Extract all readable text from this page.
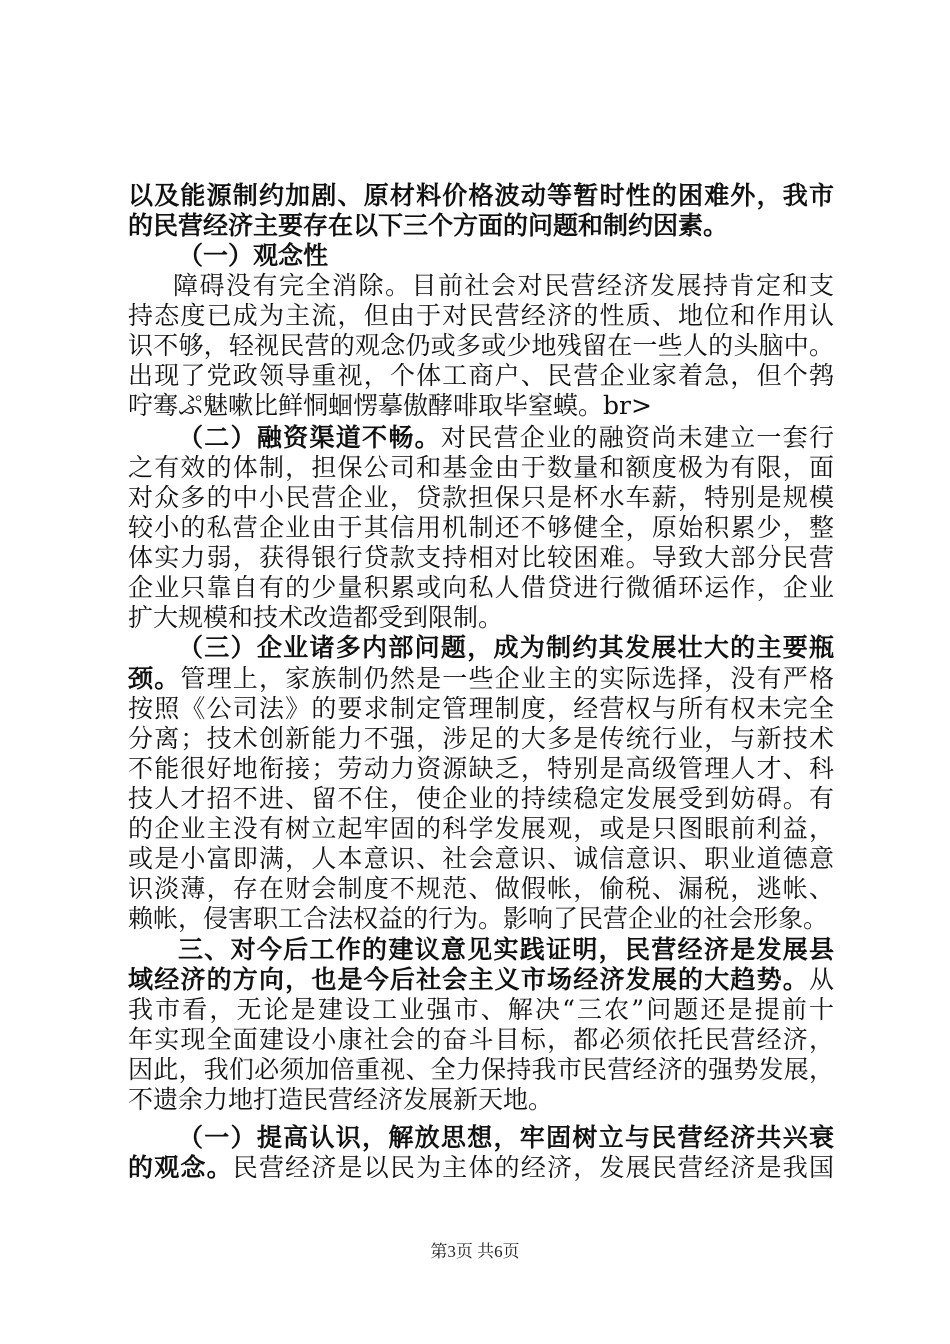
以及能源制约加剧、原材料价格波动等暂时性的困难外，我市
的民营经济主要存在以下三个方面的问题和制约因素。
（一）观念性
障碍没有完全消除。目前社会对民营经济发展持肯定和支
持态度已成为主流，但由于对民营经济的性质、地位和作用认
识不够，轻视民营的观念仍或多或少地残留在一些人的头脑中。
出现了党政领导重视，个体工商户、民营企业家着急，但个鹁
咛骞ぷ魅嗽比鲜恫蛔愣摹傲酵啡取毕窒蟆。br>
（二）融资渠道不畅。对民营企业的融资尚未建立一套行
之有效的体制，担保公司和基金由于数量和额度极为有限，面
对众多的中小民营企业，贷款担保只是杯水车薪，特别是规模
较小的私营企业由于其信用机制还不够健全，原始积累少，整
体实力弱，获得银行贷款支持相对比较困难。导致大部分民营
企业只靠自有的少量积累或向私人借贷进行微循环运作，企业
扩大规模和技术改造都受到限制。
（三）企业诸多内部问题，成为制约其发展壮大的主要瓶
颈。管理上，家族制仍然是一些企业主的实际选择，没有严格
按照《公司法》的要求制定管理制度，经营权与所有权未完全
分离；技术创新能力不强，涉足的大多是传统行业，与新技术
不能很好地衔接；劳动力资源缺乏，特别是高级管理人才、科
技人才招不进、留不住，使企业的持续稳定发展受到妨碍。有
的企业主没有树立起牢固的科学发展观，或是只图眼前利益，
或是小富即满，人本意识、社会意识、诚信意识、职业道德意
识淡薄，存在财会制度不规范、做假帐，偷税、漏税，逃帐、
赖帐，侵害职工合法权益的行为。影响了民营企业的社会形象。
三、对今后工作的建议意见实践证明，民营经济是发展县
域经济的方向，也是今后社会主义市场经济发展的大趋势。从
我市看，无论是建设工业强市、解决“三农”问题还是提前十
年实现全面建设小康社会的奋斗目标，都必须依托民营经济，
因此，我们必须加倍重视、全力保持我市民营经济的强势发展，
不遗余力地打造民营经济发展新天地。
（一）提高认识，解放思想，牢固树立与民营经济共兴衰
的观念。民营经济是以民为主体的经济，发展民营经济是我国
第3页 共6页
